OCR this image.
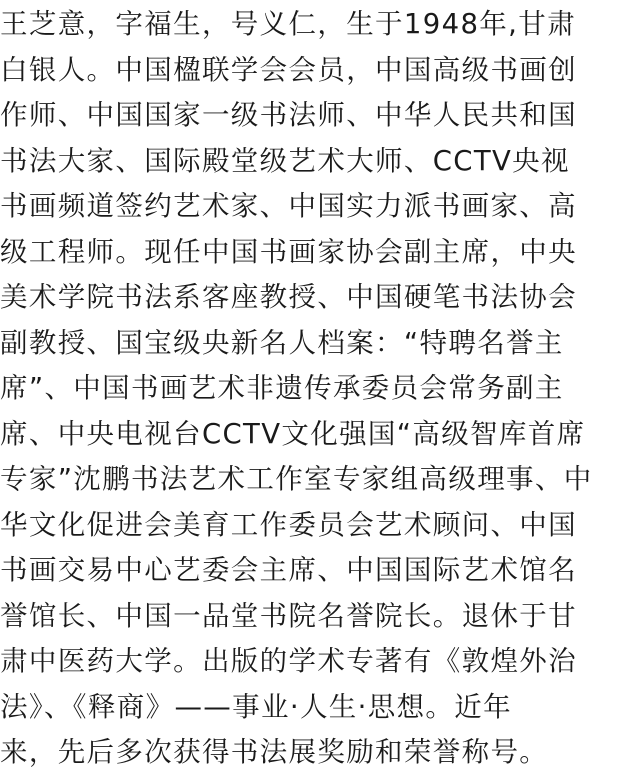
王芝意，字福生，号义仁，生于1948年,甘肃
白银人。中国楹联学会会员，中国高级书画创
作师、中国国家一级书法师、中华人民共和国
书法大家、国际殿堂级艺术大师、CCTV央视
书画频道签约艺术家、中国实力派书画家、高
级工程师。现任中国书画家协会副主席，中央
美术学院书法系客座教授、中国硬笔书法协会
副教授、国宝级央新名人档案：“特聘名誉主
席”、中国书画艺术非遗传承委员会常务副主
席、中央电视台CCTV文化强国“高级智库首席
专家”沈鹏书法艺术工作室专家组高级理事、中
华文化促进会美育工作委员会艺术顾问、中国
书画交易中心艺委会主席、中国国际艺术馆名
誉馆长、中国一品堂书院名誉院长。退休于甘
肃中医药大学。出版的学术专著有《敦煌外治
法》、《释商》——事业·人生·思想。近年
来，先后多次获得书法展奖励和荣誉称号。
